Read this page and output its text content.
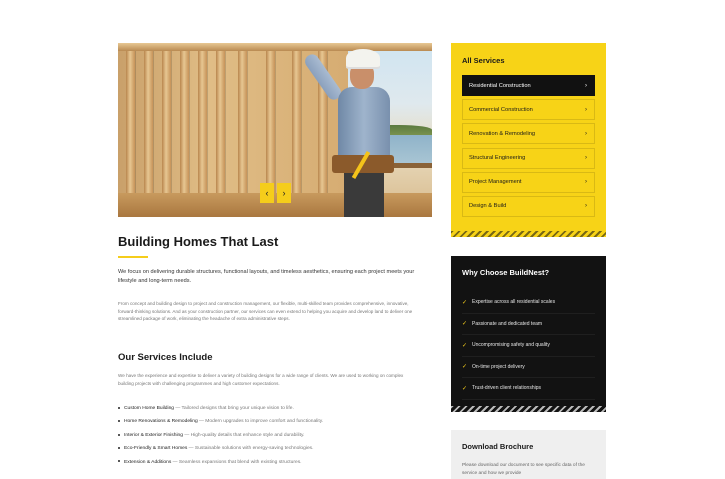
‹	›
Building Homes That Last

We focus on delivering durable structures, functional layouts, and timeless aesthetics, ensuring each project meets your lifestyle and long-term needs.

From concept and building design to project and construction management, our flexible, multi-skilled team provides comprehensive, innovative, forward-thinking solutions. And as your construction partner, our services can even extend to helping you acquire and develop land to deliver one streamlined package of work, eliminating the headache of extra administrative steps.

Our Services Include

We have the experience and expertise to deliver a variety of building designs for a wide range of clients. We are used to working on complex building projects with challenging programmes and high customer expectations.

Custom Home Building — Tailored designs that bring your unique vision to life.
Home Renovations & Remodeling — Modern upgrades to improve comfort and functionality.
Interior & Exterior Finishing — High-quality details that enhance style and durability.
Eco-Friendly & Smart Homes — Sustainable solutions with energy-saving technologies.
Extension & Additions — Seamless expansions that blend with existing structures.
All Services
Residential Construction	›
Commercial Construction	›
Renovation & Remodeling	›
Structural Engineering	›
Project Management	›
Design & Build	›
Why Choose BuildNest?
✓ Expertise across all residential scales
✓ Passionate and dedicated team
✓ Uncompromising safety and quality
✓ On-time project delivery
✓ Trust-driven client relationships
Download Brochure

Please download our document to see specific data of the service and how we provide
